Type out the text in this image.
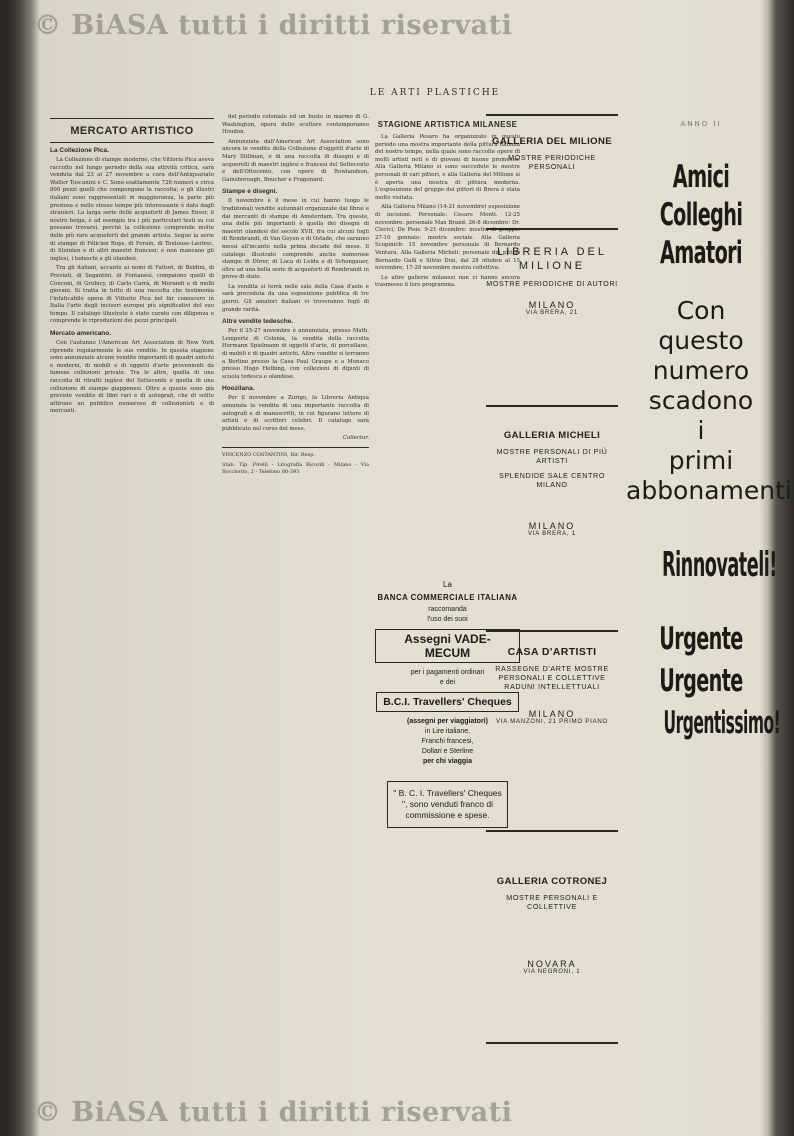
© BiASA tutti i diritti riservati
© BiASA tutti i diritti riservati
LE ARTI PLASTICHE
MERCATO ARTISTICO
La Collezione Pica.

La Collezione di stampe moderne, che Vittorio Pica aveva raccolto nel lungo periodo della sua attività critica, sarà venduta dal 23 al 27 novembre a cura dell'Antiquariato Walter Toscanini e C. Sono esattamente 726 numeri e circa 800 pezzi quelli che compongono la raccolta; e gli illustri italiani sono rappresentati in maggioranza, la parte più preziosa e nello stesso tempo più interessante è data dagli stranieri. La larga serie delle acqueforti di James Ensor, il nostro belga, è ad esempio tra i più particolari testi su cui possano trovarsi, perchè la collezione comprende molte delle più rare acqueforti del grande artista. Segue la serie di stampe di Félicien Rops, di Forain, di Toulouse-Lautrec, di Steinlen e di altri maestri francesi; e non mancano gli inglesi, i tedeschi e gli olandesi.

Tra gli italiani, accanto ai nomi di Fattori, di Boldini, di Previati, di Segantini, di Fontanesi, compaiono quelli di Conconi, di Grubicy, di Carlo Carrà, di Morandi e di molti giovani. Si tratta in tutto di una raccolta che testimonia l'infaticabile opera di Vittorio Pica nel far conoscere in Italia l'arte degli incisori europei più significativi del suo tempo. Il catalogo illustrato è stato curato con diligenza e comprende le riproduzioni dei pezzi principali.

Mercato americano.

Con l'autunno l'American Art Association di New York riprende regolarmente le sue vendite. In questa stagione sono annunziate alcune vendite importanti di quadri antichi e moderni, di mobili e di oggetti d'arte provenienti da famose collezioni private. Tra le altre, quella di una raccolta di ritratti inglesi del Settecento e quella di una collezione di stampe giapponesi. Oltre a queste sono già previste vendite di libri rari e di autografi, che di solito attirano un pubblico numeroso di collezionisti e di mercanti.

del periodo coloniale ed un busto in marmo di G. Washington, opera dello scultore contemporaneo Houdon.

Annunziata dall'American Art Association sono ancora le vendite della Collezione d'oggetti d'arte di Mary Stillman, e di una raccolta di disegni e di acquerelli di maestri inglesi e francesi del Settecento e dell'Ottocento, con opere di Rowlandson, Gainsborough, Boucher e Fragonard.

Stampe e disegni.

Il novembre è il mese in cui hanno luogo le tradizionali vendite autunnali organizzate dai librai e dai mercanti di stampe di Amsterdam. Tra queste, una delle più importanti è quella dei disegni di maestri olandesi del secolo XVII, fra cui alcuni fogli di Rembrandt, di Van Goyen e di Ostade, che saranno messi all'incanto nella prima decade del mese. Il catalogo illustrato comprende anche numerose stampe di Dürer, di Luca di Leida e di Schongauer, oltre ad una bella serie di acqueforti di Rembrandt in prove di stato.

La vendita si terrà nelle sale della Casa d'aste e sarà preceduta da una esposizione pubblica di tre giorni. Gli amatori italiani vi troveranno fogli di grande rarità.

Altre vendite tedesche.

Per il 25-27 novembre è annunziata, presso Math. Lempertz di Colonia, la vendita della raccolta Hermann Spielmann di oggetti d'arte, di porcellane, di mobili e di quadri antichi. Altre vendite si terranno a Berlino presso la Casa Paul Graupe e a Monaco presso Hugo Helbing, con collezioni di dipinti di scuola tedesca e olandese.

Hoozilana.

Per il novembre a Zurigo, la Libreria Antiqua annunzia la vendita di una importante raccolta di autografi e di manoscritti, in cui figurano lettere di artisti e di scrittori celebri. Il catalogo sarà pubblicato nel corso del mese.

Collector.

VINCENZO COSTANTINI, Dir. Resp.
Stab. Tip. Pirelli - Litografia Ricordi - Milano - Via Bocchetto, 2 - Telefono 80-393
STAGIONE ARTISTICA MILANESE

La Galleria Pesaro ha organizzato in questo periodo una mostra importante della pittura italiana del nostro tempo, nella quale sono raccolte opere di molti artisti noti e di giovani di buone promesse. Alla Galleria Milano si sono succedute le mostre personali di vari pittori, e alla Galleria del Milione si è aperta una mostra di pittura moderna. L'esposizione del gruppo dei pittori di Brera è stata molto visitata.

Alla Galleria Milano (14-21 novembre) esposizione di incisioni. Personale: Cesare Monti. 12-25 novembre: personale Max Brand. 26-8 dicembre: Dr. Clerici, De Pisis. 9-21 dicembre: mostra di gruppo. 27-10 gennaio: mostra sociale. Alla Galleria Scopinich: 15 novembre personale di Bernardo Ventura. Alla Galleria Micheli: personale dei pittori Bernardo Galli e Silvio Dini, dal 28 ottobre al 15 novembre; 17-28 novembre mostra collettiva.

Le altre gallerie milanesi non ci hanno ancora trasmesso il loro programma.

La
BANCA COMMERCIALE ITALIANA
raccomanda
l'uso dei suoi
Assegni VADE-MECUM
per i pagamenti ordinari
e dei
B.C.I. Travellers' Cheques
(assegni per viaggiatori)
in Lire italiane,
Franchi francesi,
Dollari e Sterline
per chi viaggia
" B. C. I. Travellers' Cheques ", sono venduti franco di commissione e spese.
GALLERIA DEL MILIONE
MOSTRE PERIODICHE PERSONALI
LIBRERIA DEL MILIONE
MOSTRE PERIODICHE DI AUTORI
MILANO
VIA BRERA, 21
GALLERIA MICHELI
MOSTRE PERSONALI DI PIÙ ARTISTI
SPLENDIDE SALE CENTRO MILANO
MILANO
VIA BRERA, 1
CASA D'ARTISTI
RASSEGNE D'ARTE MOSTRE PERSONALI E COLLETTIVE RADUNI INTELLETTUALI
MILANO
VIA MANZONI, 21 PRIMO PIANO
GALLERIA COTRONEJ
MOSTRE PERSONALI E COLLETTIVE
NOVARA
VIA NEGRONI, 1
ANNO II
Amici
Colleghi
Amatori
Con
questo
numero
scadono
i
primi
abbonamenti
Rinnovateli!
Urgente
Urgente
Urgentissimo!
